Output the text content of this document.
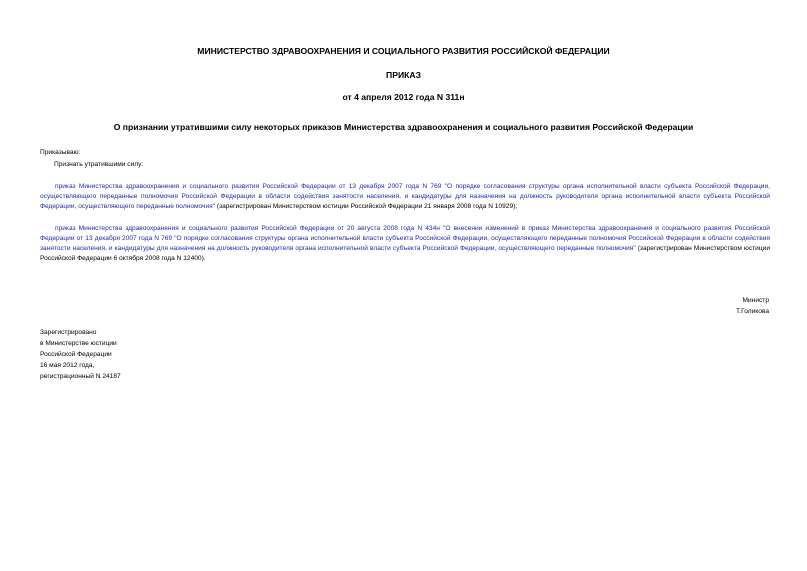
МИНИСТЕРСТВО ЗДРАВООХРАНЕНИЯ И СОЦИАЛЬНОГО РАЗВИТИЯ РОССИЙСКОЙ ФЕДЕРАЦИИ
ПРИКАЗ
от 4 апреля 2012 года N 311н
О признании утратившими силу некоторых приказов Министерства здравоохранения и социального развития Российской Федерации
Приказываю:
Признать утратившими силу:

приказ Министерства здравоохранения и социального развития Российской Федерации от 13 декабря 2007 года N 769 "О порядке согласования структуры органа исполнительной власти субъекта Российской Федерации, осуществляющего переданные полномочия Российской Федерации в области содействия занятости населения, и кандидатуры для назначения на должность руководителя органа исполнительной власти субъекта Российской Федерации, осуществляющего переданные полномочия" (зарегистрирован Министерством юстиции Российской Федерации 21 января 2008 года N 10929);

приказ Министерства здравоохранения и социального развития Российской Федерации от 20 августа 2008 года N 434н "О внесении изменений в приказ Министерства здравоохранения и социального развития Российской Федерации от 13 декабря 2007 года N 769 "О порядке согласования структуры органа исполнительной власти субъекта Российской Федерации, осуществляющего переданные полномочия Российской Федерации в области содействия занятости населения, и кандидатуры для назначения на должность руководителя органа исполнительной власти субъекта Российской Федерации, осуществляющего переданные полномочия" (зарегистрирован Министерством юстиции Российской Федерации 6 октября 2008 года N 12400).

Министр
Т.Голикова
Зарегистрировано
в Министерстве юстиции
Российской Федерации
16 мая 2012 года,
регистрационный N 24187
